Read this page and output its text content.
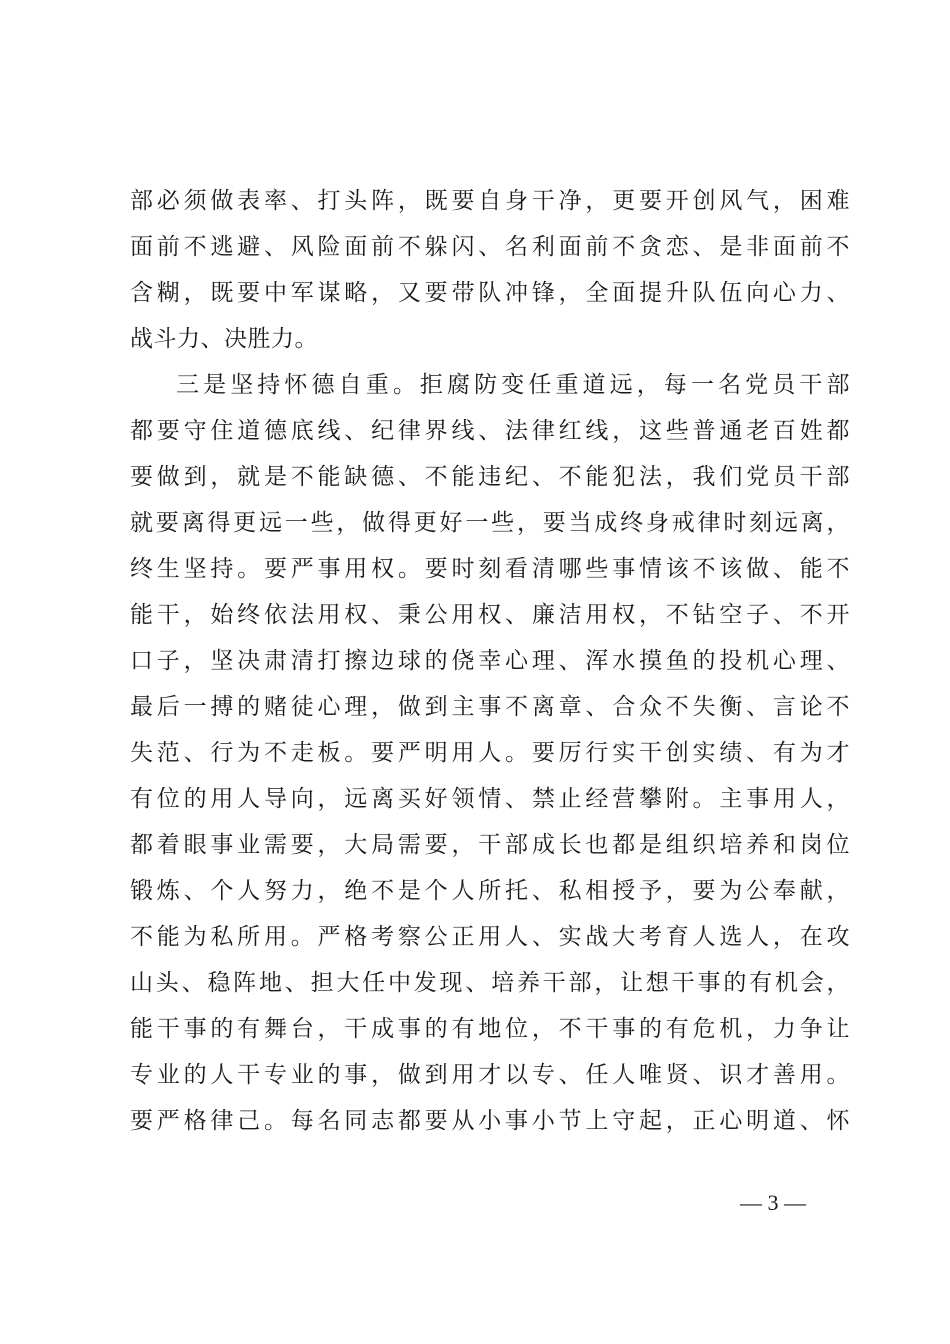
部必须做表率、打头阵，既要自身干净，更要开创风气，困难
面前不逃避、风险面前不躲闪、名利面前不贪恋、是非面前不
含糊，既要中军谋略，又要带队冲锋，全面提升队伍向心力、
战斗力、决胜力。
三是坚持怀德自重。拒腐防变任重道远，每一名党员干部
都要守住道德底线、纪律界线、法律红线，这些普通老百姓都
要做到，就是不能缺德、不能违纪、不能犯法，我们党员干部
就要离得更远一些，做得更好一些，要当成终身戒律时刻远离，
终生坚持。要严事用权。要时刻看清哪些事情该不该做、能不
能干，始终依法用权、秉公用权、廉洁用权，不钻空子、不开
口子，坚决肃清打擦边球的侥幸心理、浑水摸鱼的投机心理、
最后一搏的赌徒心理，做到主事不离章、合众不失衡、言论不
失范、行为不走板。要严明用人。要厉行实干创实绩、有为才
有位的用人导向，远离买好领情、禁止经营攀附。主事用人，
都着眼事业需要，大局需要，干部成长也都是组织培养和岗位
锻炼、个人努力，绝不是个人所托、私相授予，要为公奉献，
不能为私所用。严格考察公正用人、实战大考育人选人，在攻
山头、稳阵地、担大任中发现、培养干部，让想干事的有机会，
能干事的有舞台，干成事的有地位，不干事的有危机，力争让
专业的人干专业的事，做到用才以专、任人唯贤、识才善用。
要严格律己。每名同志都要从小事小节上守起，正心明道、怀
— 3 —
